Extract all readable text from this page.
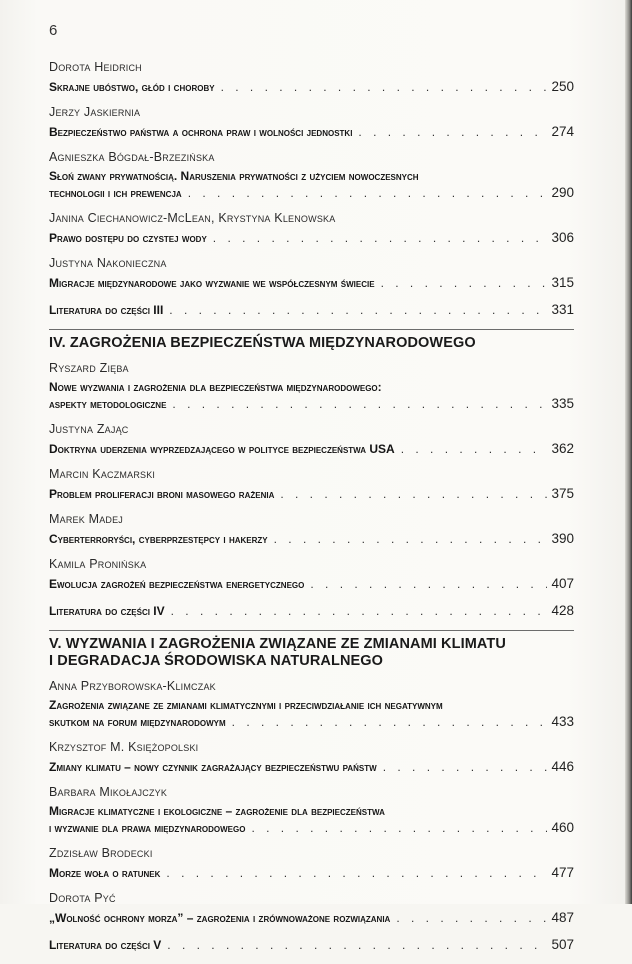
6
Dorota Heidrich
Skrajne ubóstwo, głód i choroby . . .	250
Jerzy Jaskiernia
Bezpieczeństwo państwa a ochrona praw i wolności jednostki . . .	274
Agnieszka Bógdał-Brzezińska
Słoń zwany prywatnością. Naruszenia prywatności z użyciem nowoczesnych
technologii i ich prewencja . . .	290
Janina Ciechanowicz-McLean, Krystyna Klenowska
Prawo dostępu do czystej wody . . .	306
Justyna Nakonieczna
Migracje międzynarodowe jako wyzwanie we współczesnym świecie . . .	315
Literatura do części III . . .	331
IV. ZAGROŻENIA BEZPIECZEŃSTWA MIĘDZYNARODOWEGO
Ryszard Zięba
Nowe wyzwania i zagrożenia dla bezpieczeństwa międzynarodowego:
aspekty metodologiczne . . .	335
Justyna Zając
Doktryna uderzenia wyprzedzającego w polityce bezpieczeństwa USA . . .	362
Marcin Kaczmarski
Problem proliferacji broni masowego rażenia . . .	375
Marek Madej
Cyberterroryści, cyberprzestępcy i hakerzy . . .	390
Kamila Pronińska
Ewolucja zagrożeń bezpieczeństwa energetycznego . . .	407
Literatura do części IV . . .	428
V. WYZWANIA I ZAGROŻENIA ZWIĄZANE ZE ZMIANAMI KLIMATU
I DEGRADACJA ŚRODOWISKA NATURALNEGO
Anna Przyborowska-Klimczak
Zagrożenia związane ze zmianami klimatycznymi i przeciwdziałanie ich negatywnym
skutkom na forum międzynarodowym . . .	433
Krzysztof M. Księżopolski
Zmiany klimatu – nowy czynnik zagrażający bezpieczeństwu państw . . .	446
Barbara Mikołajczyk
Migracje klimatyczne i ekologiczne – zagrożenie dla bezpieczeństwa
i wyzwanie dla prawa międzynarodowego . . .	460
Zdzisław Brodecki
Morze woła o ratunek . . .	477
Dorota Pyć
„Wolność ochrony morza” – zagrożenia i zrównoważone rozwiązania . . .	487
Literatura do części V . . .	507
